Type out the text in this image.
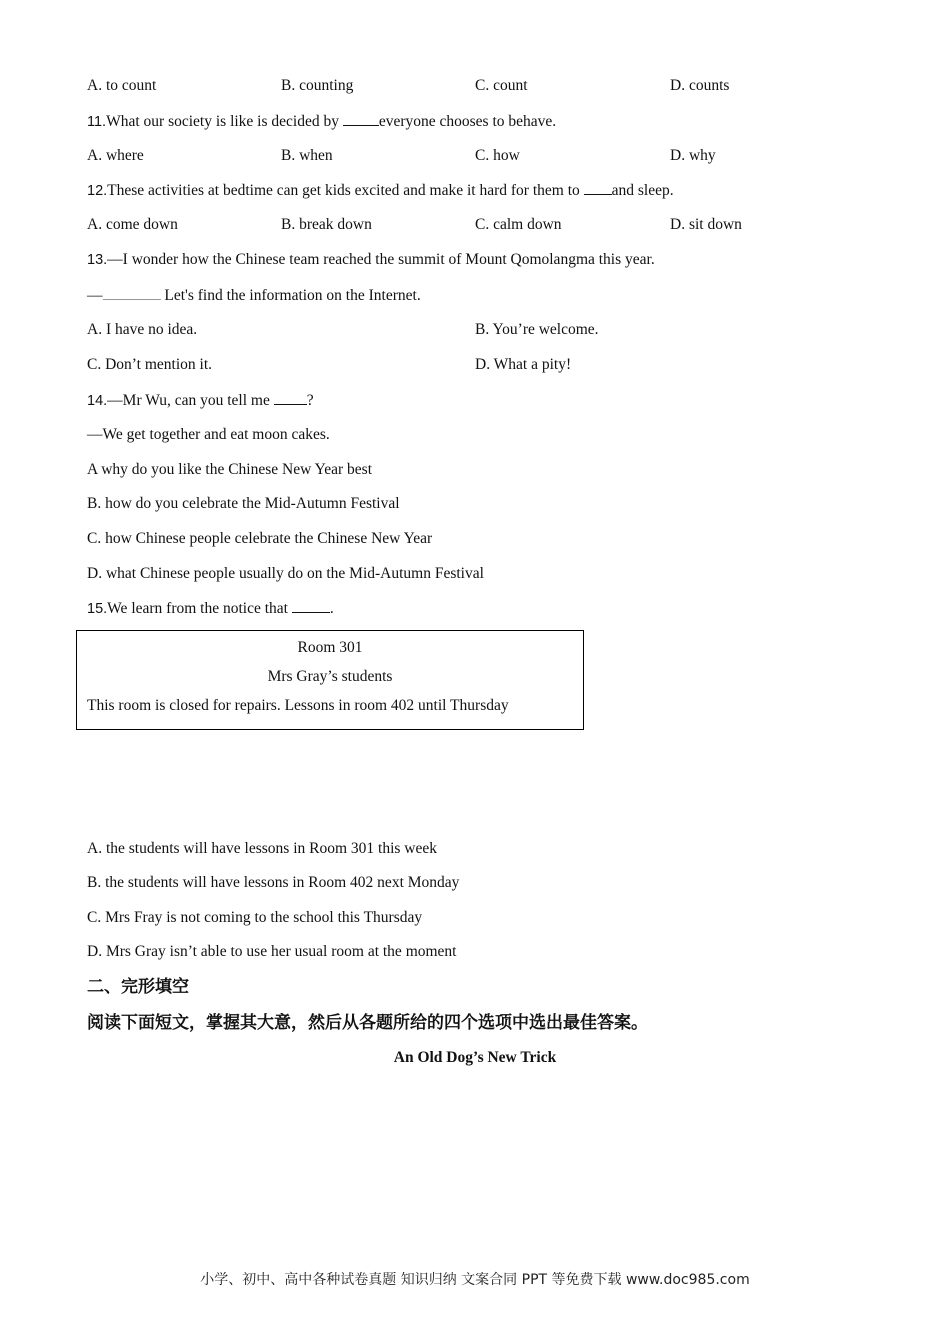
A. to count	B. counting	C. count	D. counts
11.What our society is like is decided by everyone chooses to behave.
A. where	B. when	C. how	D. why
12.These activities at bedtime can get kids excited and make it hard for them to and sleep.
A. come down	B. break down	C. calm down	D. sit down
13.—I wonder how the Chinese team reached the summit of Mount Qomolangma this year.
—	Let's find the information on the Internet.
A. I have no idea.	B. You’re welcome.
C. Don’t mention it.	D. What a pity!
14.—Mr Wu, can you tell me ?
—We get together and eat moon cakes.
A why do you like the Chinese New Year best
B. how do you celebrate the Mid-Autumn Festival
C. how Chinese people celebrate the Chinese New Year
D. what Chinese people usually do on the Mid-Autumn Festival
15.We learn from the notice that .
Room 301
Mrs Gray’s students
This room is closed for repairs. Lessons in room 402 until Thursday
A. the students will have lessons in Room 301 this week
B. the students will have lessons in Room 402 next Monday
C. Mrs Fray is not coming to the school this Thursday
D. Mrs Gray isn’t able to use her usual room at the moment
二、完形填空
阅读下面短文，掌握其大意，然后从各题所给的四个选项中选出最佳答案。
An Old Dog’s New Trick
小学、初中、高中各种试卷真题 知识归纳 文案合同 PPT 等免费下载 www.doc985.com
